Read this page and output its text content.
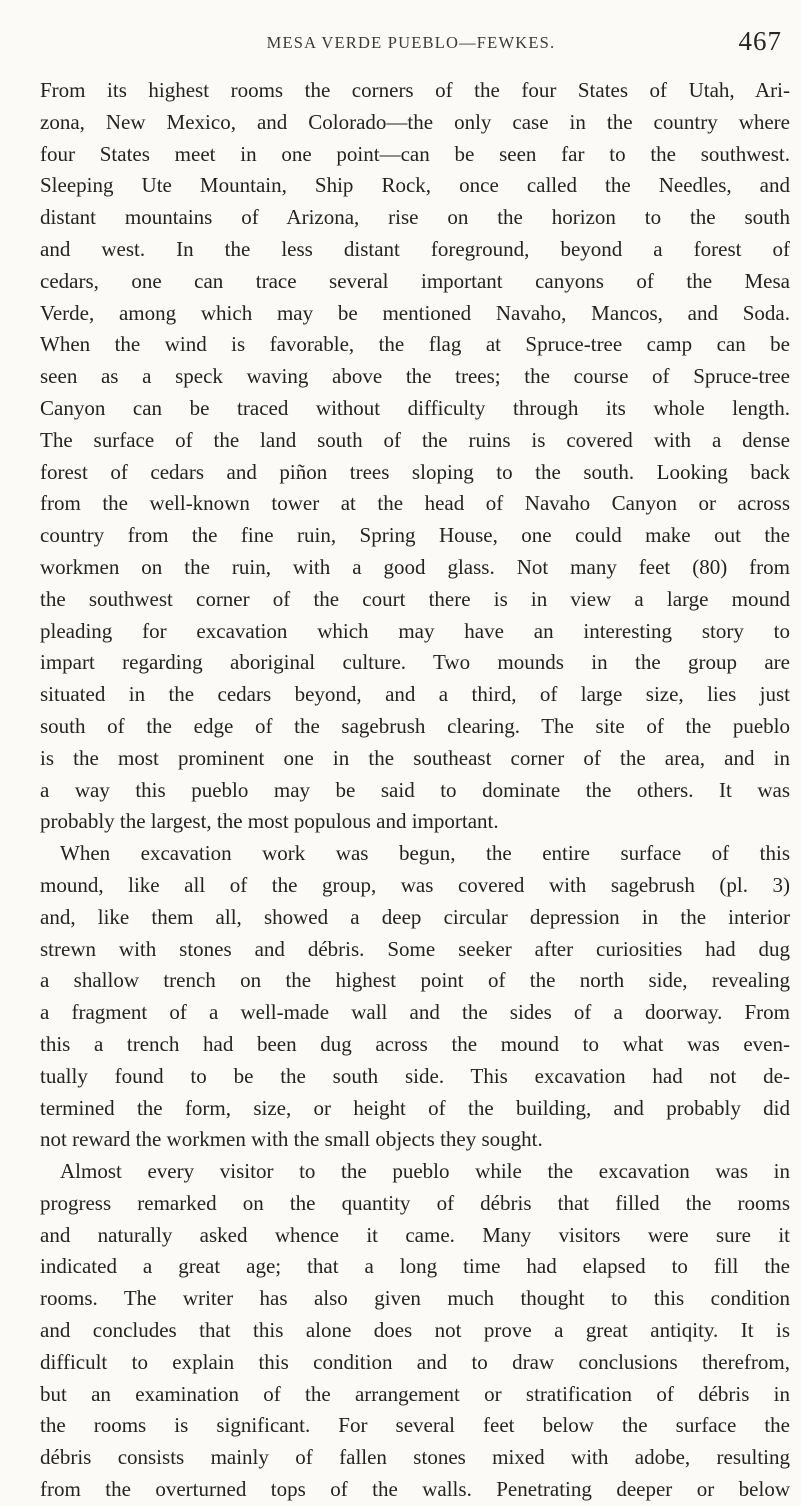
MESA VERDE PUEBLO—FEWKES.	467
From its highest rooms the corners of the four States of Utah, Ari-
zona, New Mexico, and Colorado—the only case in the country where
four States meet in one point—can be seen far to the southwest.
Sleeping Ute Mountain, Ship Rock, once called the Needles, and
distant mountains of Arizona, rise on the horizon to the south
and west. In the less distant foreground, beyond a forest of
cedars, one can trace several important canyons of the Mesa
Verde, among which may be mentioned Navaho, Mancos, and Soda.
When the wind is favorable, the flag at Spruce-tree camp can be
seen as a speck waving above the trees; the course of Spruce-tree
Canyon can be traced without difficulty through its whole length.
The surface of the land south of the ruins is covered with a dense
forest of cedars and piñon trees sloping to the south. Looking back
from the well-known tower at the head of Navaho Canyon or across
country from the fine ruin, Spring House, one could make out the
workmen on the ruin, with a good glass. Not many feet (80) from
the southwest corner of the court there is in view a large mound
pleading for excavation which may have an interesting story to
impart regarding aboriginal culture. Two mounds in the group are
situated in the cedars beyond, and a third, of large size, lies just
south of the edge of the sagebrush clearing. The site of the pueblo
is the most prominent one in the southeast corner of the area, and in
a way this pueblo may be said to dominate the others. It was
probably the largest, the most populous and important.
When excavation work was begun, the entire surface of this
mound, like all of the group, was covered with sagebrush (pl. 3)
and, like them all, showed a deep circular depression in the interior
strewn with stones and débris. Some seeker after curiosities had dug
a shallow trench on the highest point of the north side, revealing
a fragment of a well-made wall and the sides of a doorway. From
this a trench had been dug across the mound to what was even-
tually found to be the south side. This excavation had not de-
termined the form, size, or height of the building, and probably did
not reward the workmen with the small objects they sought.
Almost every visitor to the pueblo while the excavation was in
progress remarked on the quantity of débris that filled the rooms
and naturally asked whence it came. Many visitors were sure it
indicated a great age; that a long time had elapsed to fill the
rooms. The writer has also given much thought to this condition
and concludes that this alone does not prove a great antiqity. It is
difficult to explain this condition and to draw conclusions therefrom,
but an examination of the arrangement or stratification of débris in
the rooms is significant. For several feet below the surface the
débris consists mainly of fallen stones mixed with adobe, resulting
from the overturned tops of the walls. Penetrating deeper or below
